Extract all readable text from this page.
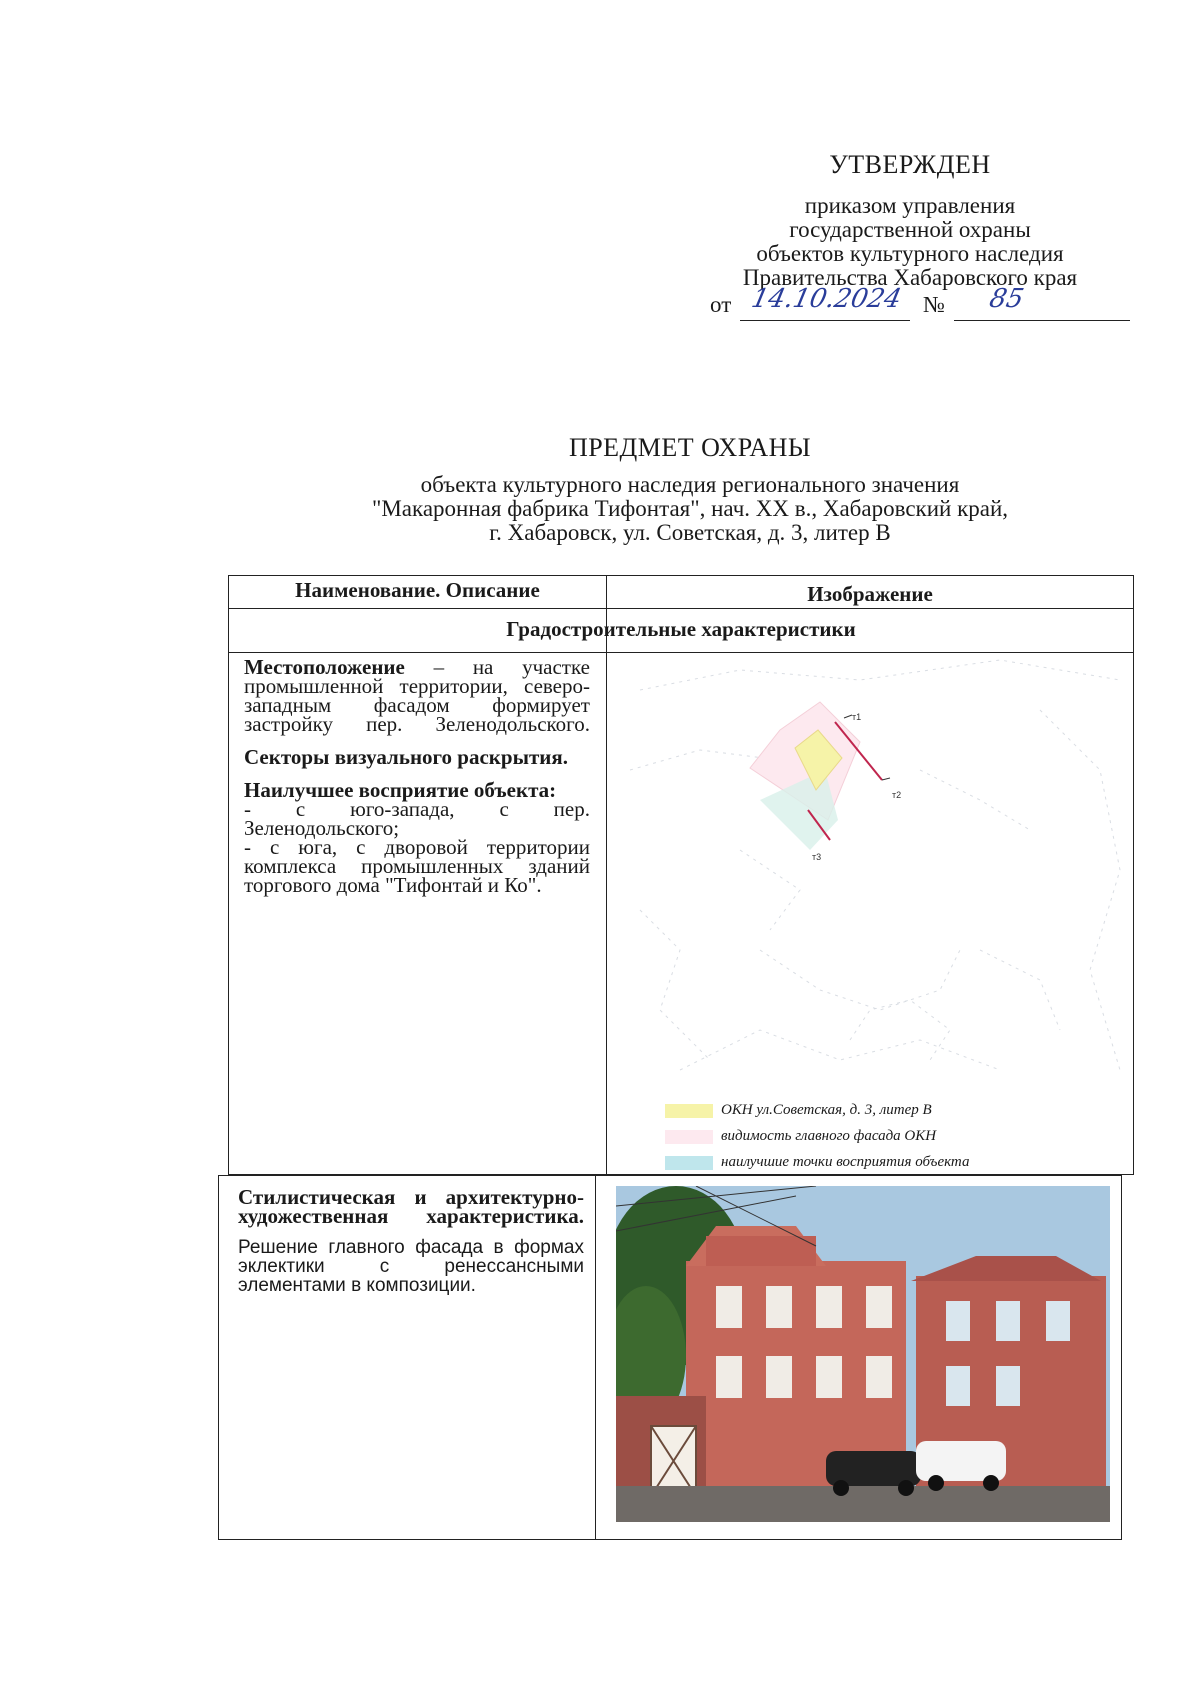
УТВЕРЖДЕН
приказом управления
государственной охраны
объектов культурного наследия
Правительства Хабаровского края
от 14.10.2024 № 85
ПРЕДМЕТ ОХРАНЫ
объекта культурного наследия регионального значения
"Макаронная фабрика Тифонтая", нач. XX в., Хабаровский край,
г. Хабаровск, ул. Советская, д. 3, литер В
Наименование. Описание	Изображение
Градостроительные характеристики

Местоположение – на участке промышленной территории, северо-западным фасадом формирует застройку пер. Зеленодольского.

Секторы визуального раскрытия.

Наилучшее восприятие объекта:

- с юго-запада, с пер. Зеленодольского;
- с юга, с дворовой территории комплекса промышленных зданий торгового дома "Тифонтай и Ко".
т1
т2
т3
ОКН ул.Советская, д. 3, литер В
видимость главного фасада ОКН
наилучшие точки восприятия объекта

Стилистическая и архитектурно-художественная характеристика.

Решение главного фасада в формах эклектики с ренессансными элементами в композиции.
